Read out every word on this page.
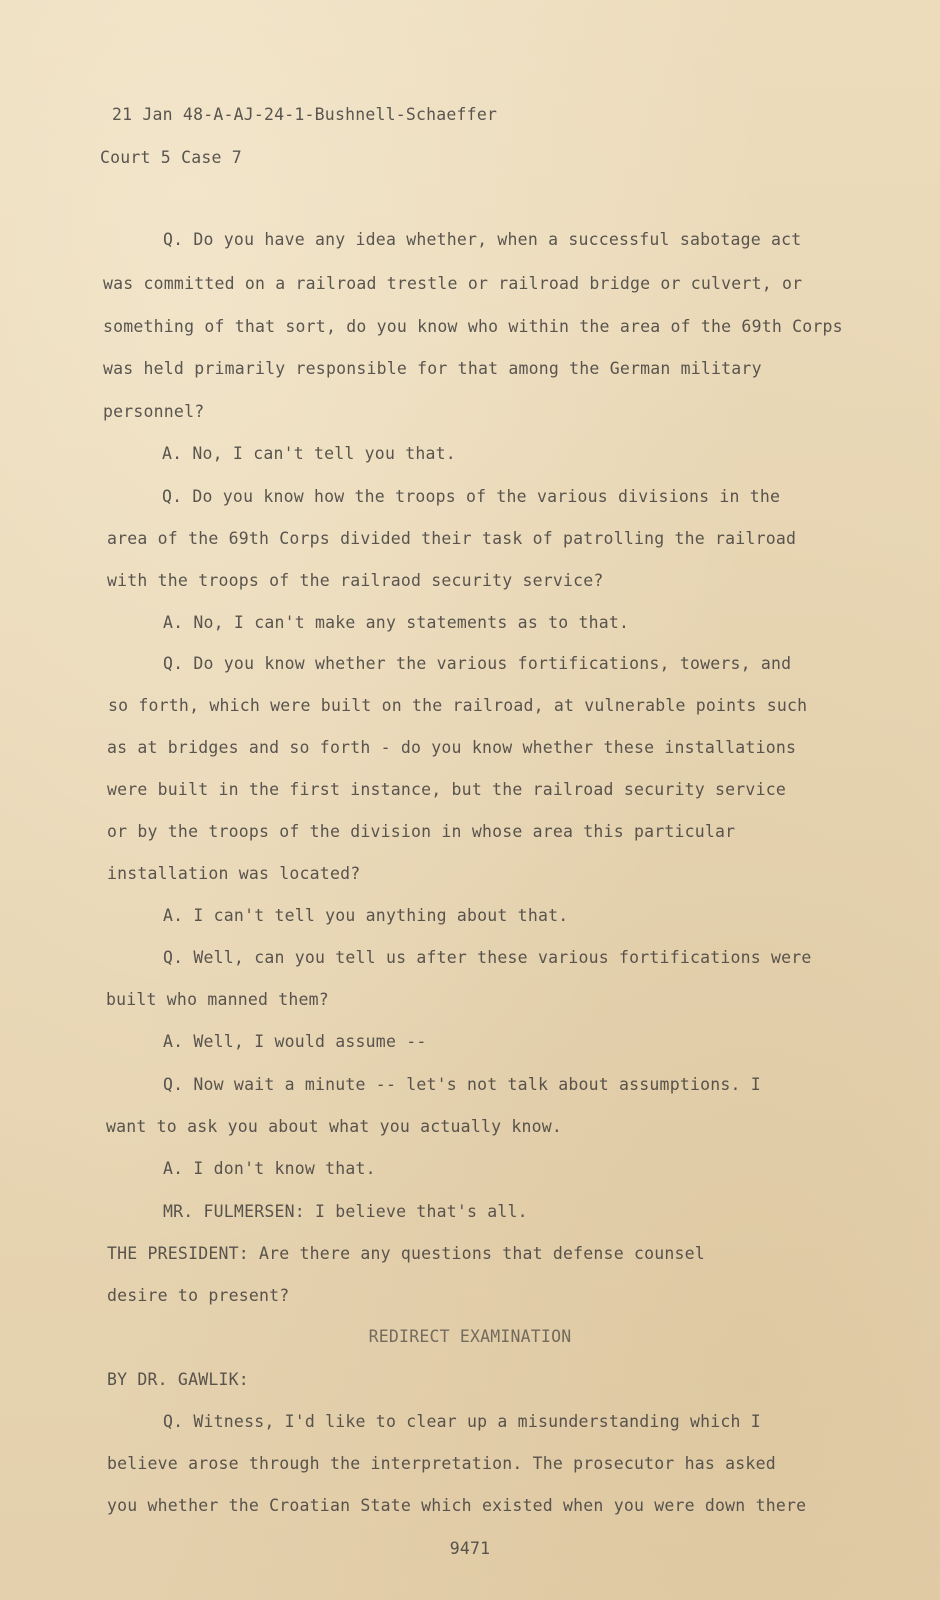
21 Jan 48-A-AJ-24-1-Bushnell-Schaeffer
Court 5 Case 7
Q. Do you have any idea whether, when a successful sabotage act
was committed on a railroad trestle or railroad bridge or culvert, or
something of that sort, do you know who within the area of the 69th Corps
was held primarily responsible for that among the German military
personnel?
A. No, I can't tell you that.
Q. Do you know how the troops of the various divisions in the
area of the 69th Corps divided their task of patrolling the railroad
with the troops of the railraod security service?
A. No, I can't make any statements as to that.
Q. Do you know whether the various fortifications, towers, and
so forth, which were built on the railroad, at vulnerable points such
as at bridges and so forth - do you know whether these installations
were built in the first instance, but the railroad security service
or by the troops of the division in whose area this particular
installation was located?
A. I can't tell you anything about that.
Q. Well, can you tell us after these various fortifications were
built who manned them?
A. Well, I would assume --
Q. Now wait a minute -- let's not talk about assumptions. I
want to ask you about what you actually know.
A. I don't know that.
MR. FULMERSEN: I believe that's all.
THE PRESIDENT: Are there any questions that defense counsel
desire to present?
REDIRECT EXAMINATION
BY DR. GAWLIK:
Q. Witness, I'd like to clear up a misunderstanding which I
believe arose through the interpretation. The prosecutor has asked
you whether the Croatian State which existed when you were down there
9471
